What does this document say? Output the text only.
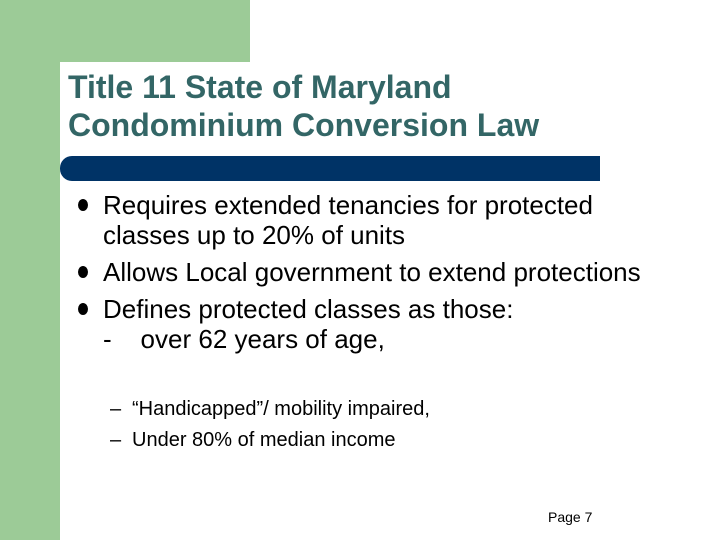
Title 11 State of Maryland
Condominium Conversion Law
Requires extended tenancies for protected classes up to 20% of units
Allows Local government to extend protections
Defines protected classes as those:
-    over 62 years of age,
– “Handicapped”/ mobility impaired,
– Under 80% of median income
Page 7
